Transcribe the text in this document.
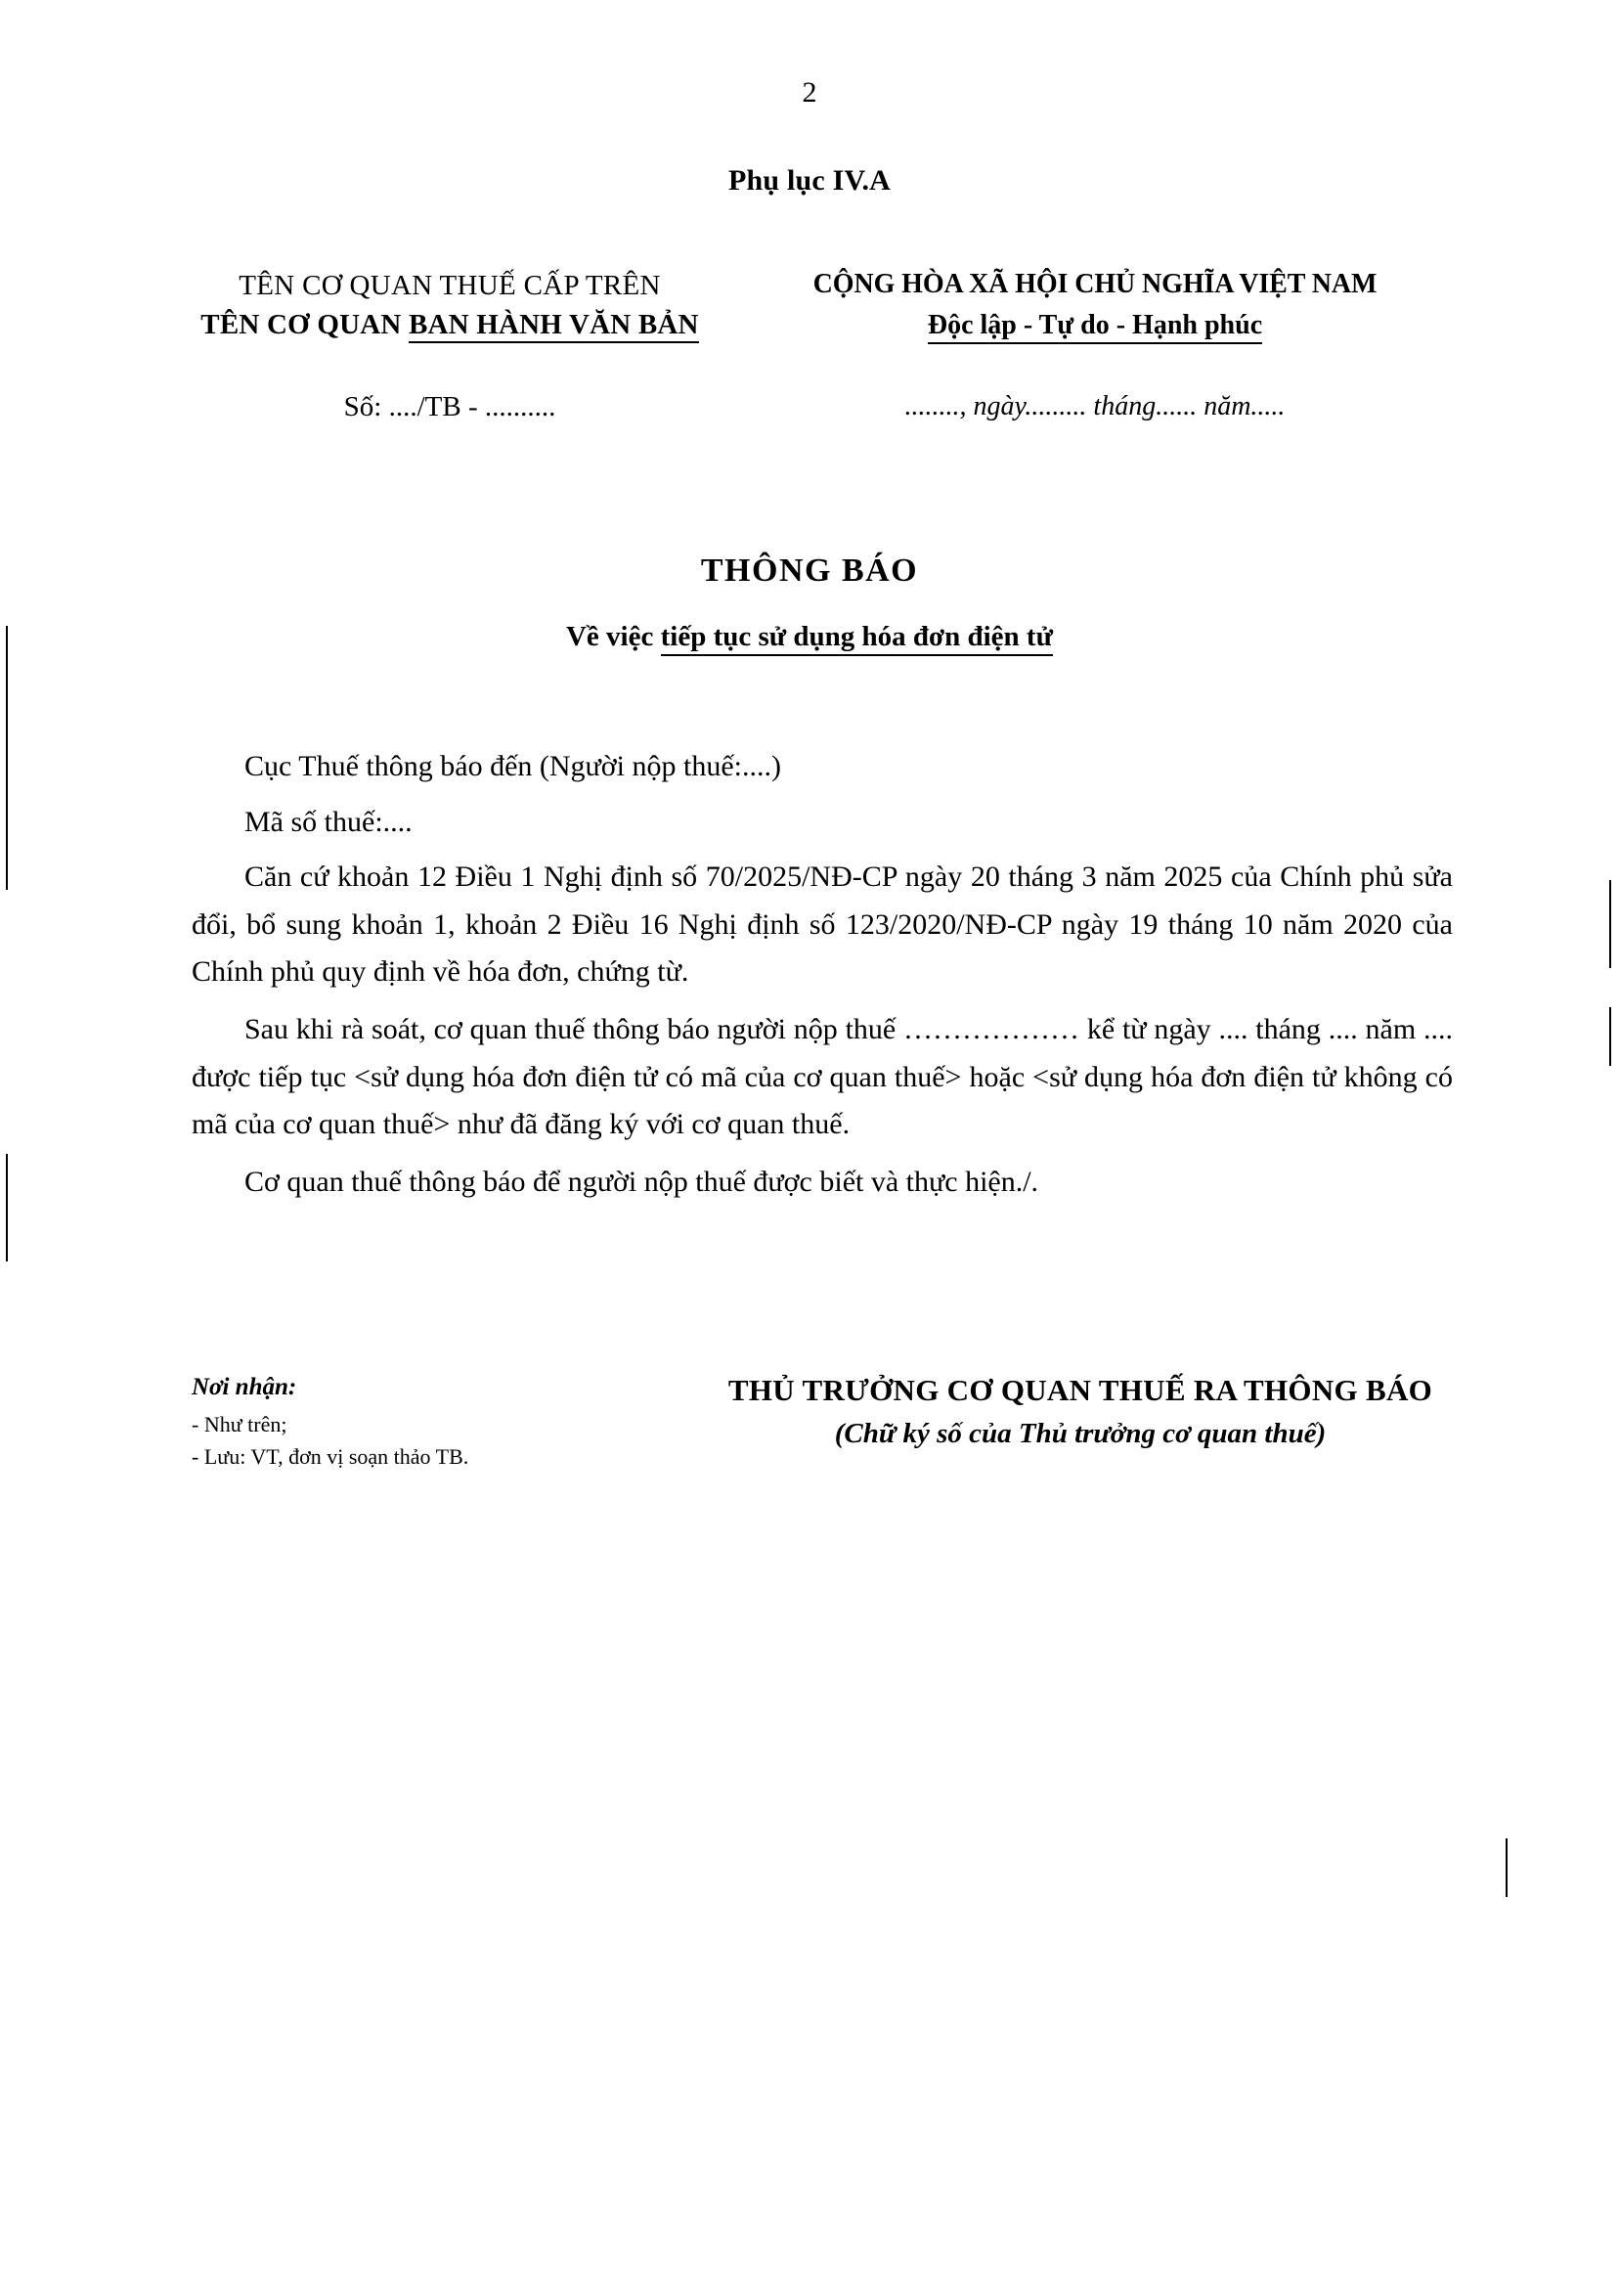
2
Phụ lục IV.A
TÊN CƠ QUAN THUẾ CẤP TRÊN
TÊN CƠ QUAN BAN HÀNH VĂN BẢN
CỘNG HÒA XÃ HỘI CHỦ NGHĨA VIỆT NAM
Độc lập - Tự do - Hạnh phúc
Số: ..../TB - ..........	........, ngày......... tháng...... năm.....
THÔNG BÁO
Về việc tiếp tục sử dụng hóa đơn điện tử

Cục Thuế thông báo đến (Người nộp thuế:....)

Mã số thuế:....

Căn cứ khoản 12 Điều 1 Nghị định số 70/2025/NĐ-CP ngày 20 tháng 3 năm 2025 của Chính phủ sửa đổi, bổ sung khoản 1, khoản 2 Điều 16 Nghị định số 123/2020/NĐ-CP ngày 19 tháng 10 năm 2020 của Chính phủ quy định về hóa đơn, chứng từ.

Sau khi rà soát, cơ quan thuế thông báo người nộp thuế ……………… kể từ ngày .... tháng .... năm .... được tiếp tục <sử dụng hóa đơn điện tử có mã của cơ quan thuế> hoặc <sử dụng hóa đơn điện tử không có mã của cơ quan thuế> như đã đăng ký với cơ quan thuế.

Cơ quan thuế thông báo để người nộp thuế được biết và thực hiện./.

Nơi nhận:
- Như trên;
- Lưu: VT, đơn vị soạn thảo TB.
THỦ TRƯỞNG CƠ QUAN THUẾ RA THÔNG BÁO
(Chữ ký số của Thủ trưởng cơ quan thuế)
